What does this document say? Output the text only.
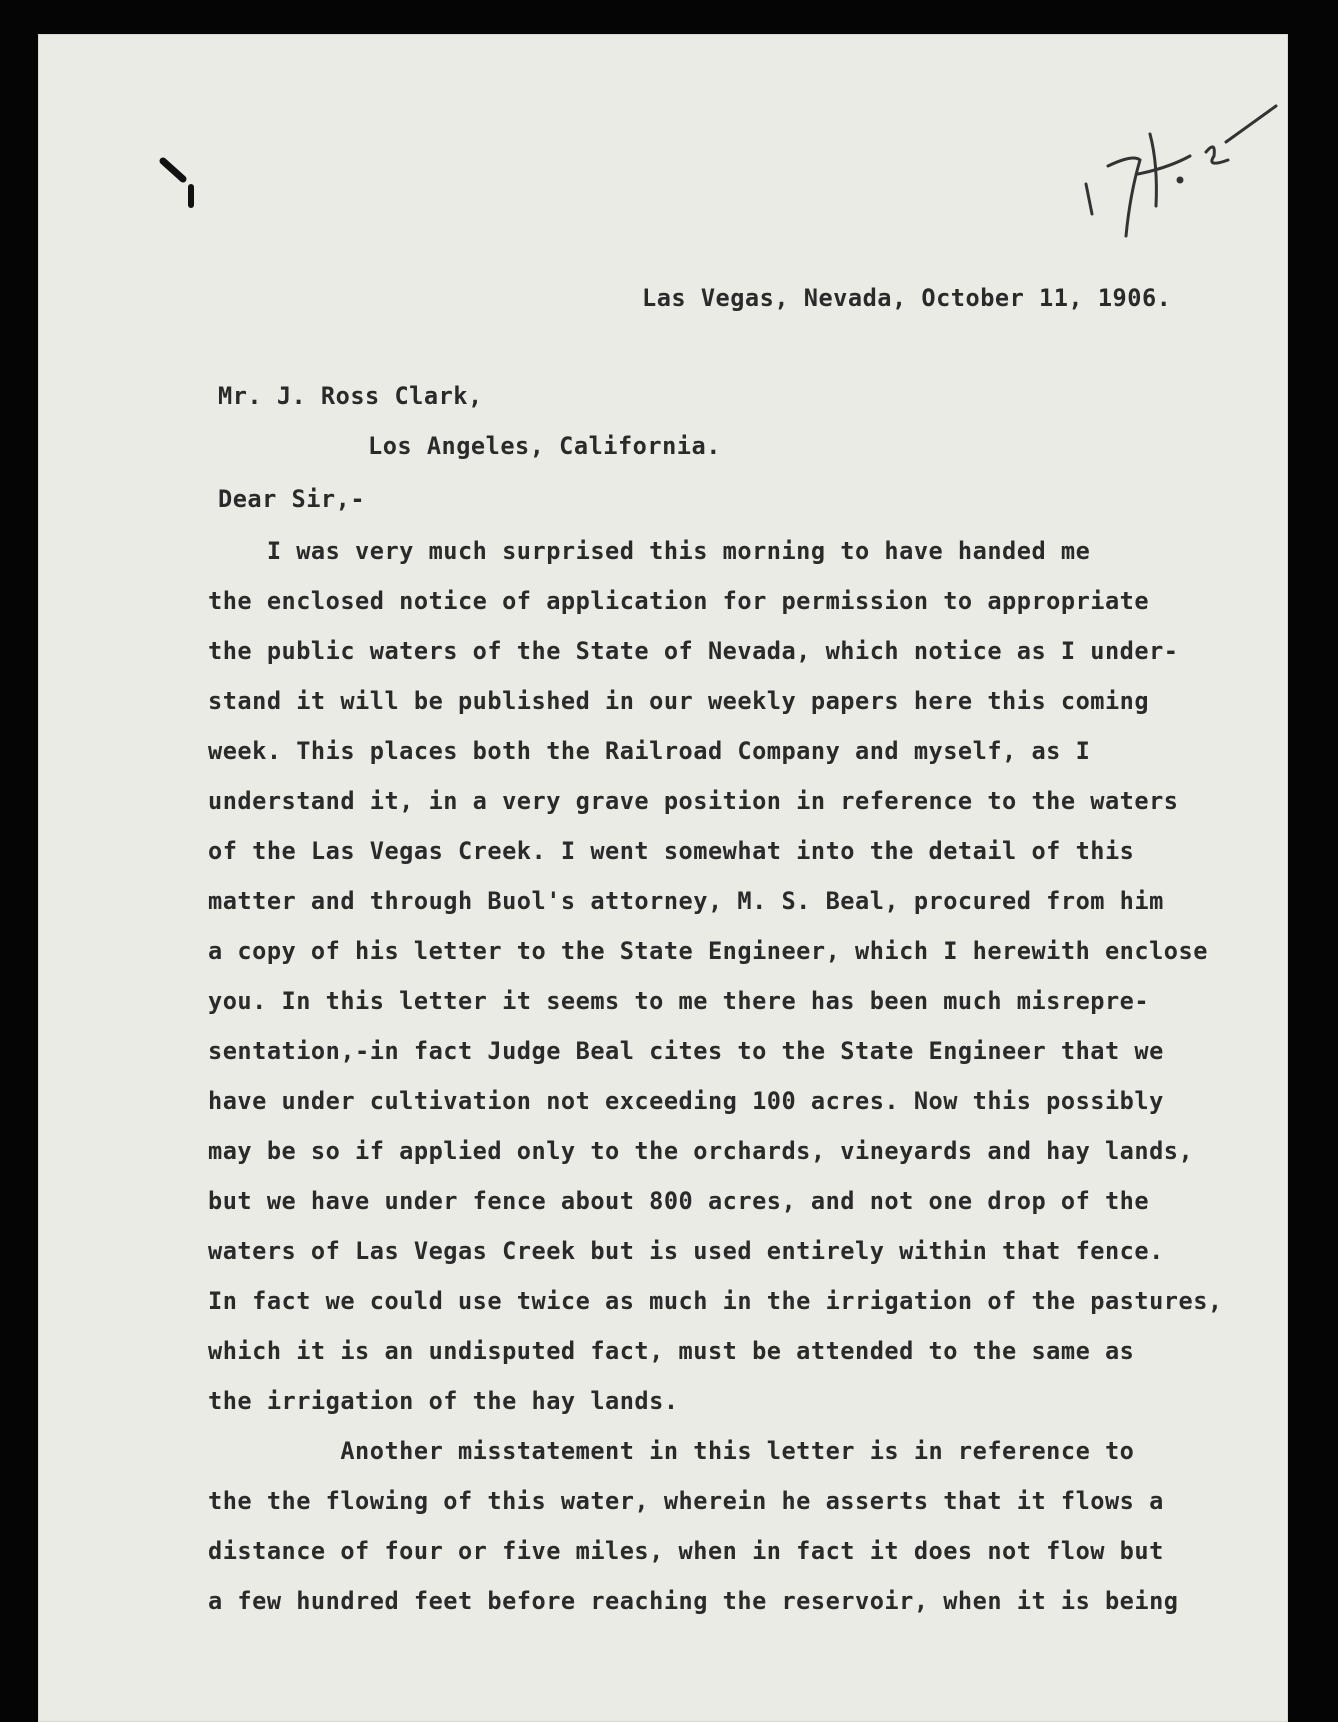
Las Vegas, Nevada, October 11, 1906.

Mr. J. Ross Clark,

Los Angeles, California.

Dear Sir,-

I was very much surprised this morning to have handed me

the enclosed notice of application for permission to appropriate

the public waters of the State of Nevada, which notice as I under-

stand it will be published in our weekly papers here this coming

week. This places both the Railroad Company and myself, as I

understand it, in a very grave position in reference to the waters

of the Las Vegas Creek. I went somewhat into the detail of this

matter and through Buol's attorney, M. S. Beal, procured from him

a copy of his letter to the State Engineer, which I herewith enclose

you. In this letter it seems to me there has been much misrepre-

sentation,-in fact Judge Beal cites to the State Engineer that we

have under cultivation not exceeding 100 acres. Now this possibly

may be so if applied only to the orchards, vineyards and hay lands,

but we have under fence about 800 acres, and not one drop of the

waters of Las Vegas Creek but is used entirely within that fence.

In fact we could use twice as much in the irrigation of the pastures,

which it is an undisputed fact, must be attended to the same as

the irrigation of the hay lands.

Another misstatement in this letter is in reference to

the the flowing of this water, wherein he asserts that it flows a

distance of four or five miles, when in fact it does not flow but

a few hundred feet before reaching the reservoir, when it is being
